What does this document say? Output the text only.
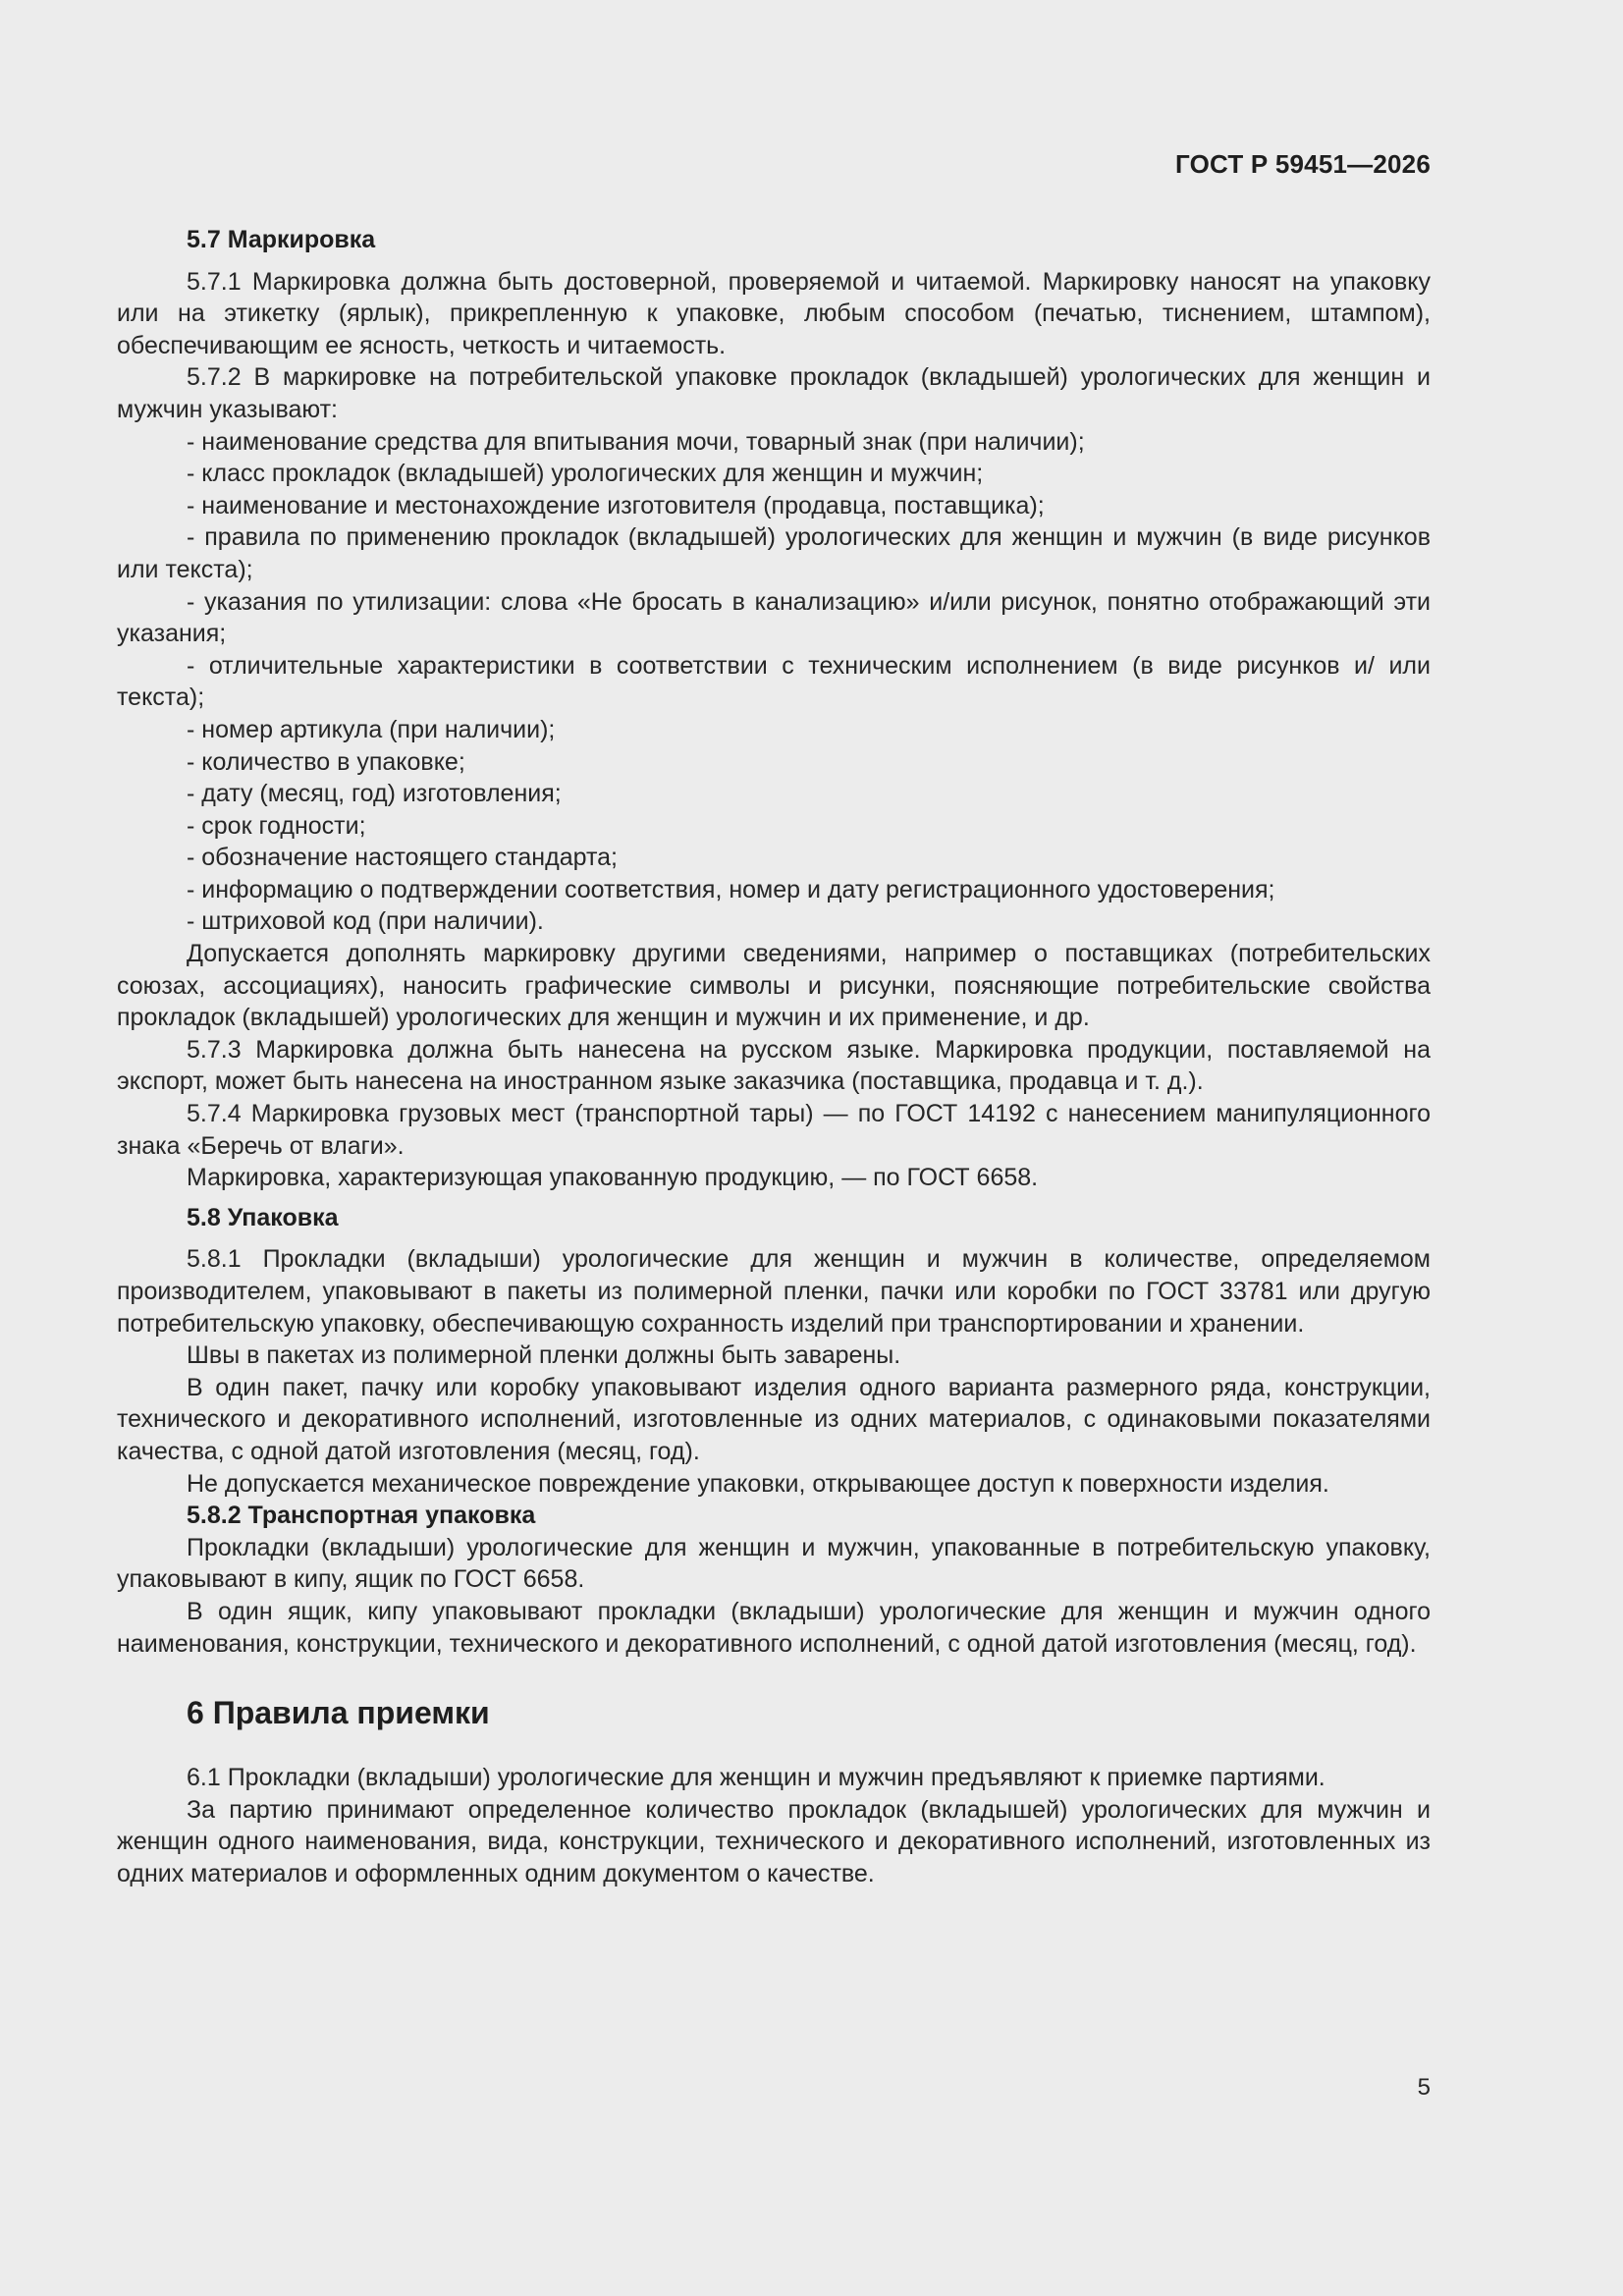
ГОСТ Р 59451—2026

5.7 Маркировка

5.7.1 Маркировка должна быть достоверной, проверяемой и читаемой. Маркировку наносят на упаковку или на этикетку (ярлык), прикрепленную к упаковке, любым способом (печатью, тиснением, штампом), обеспечивающим ее ясность, четкость и читаемость.

5.7.2 В маркировке на потребительской упаковке прокладок (вкладышей) урологических для женщин и мужчин указывают:

- наименование средства для впитывания мочи, товарный знак (при наличии);

- класс прокладок (вкладышей) урологических для женщин и мужчин;

- наименование и местонахождение изготовителя (продавца, поставщика);

- правила по применению прокладок (вкладышей) урологических для женщин и мужчин (в виде рисунков или текста);

- указания по утилизации: слова «Не бросать в канализацию» и/или рисунок, понятно отображающий эти указания;

- отличительные характеристики в соответствии с техническим исполнением (в виде рисунков и/ или текста);

- номер артикула (при наличии);

- количество в упаковке;

- дату (месяц, год) изготовления;

- срок годности;

- обозначение настоящего стандарта;

- информацию о подтверждении соответствия, номер и дату регистрационного удостоверения;

- штриховой код (при наличии).

Допускается дополнять маркировку другими сведениями, например о поставщиках (потребительских союзах, ассоциациях), наносить графические символы и рисунки, поясняющие потребительские свойства прокладок (вкладышей) урологических для женщин и мужчин и их применение, и др.

5.7.3 Маркировка должна быть нанесена на русском языке. Маркировка продукции, поставляемой на экспорт, может быть нанесена на иностранном языке заказчика (поставщика, продавца и т. д.).

5.7.4 Маркировка грузовых мест (транспортной тары) — по ГОСТ 14192 с нанесением манипуляционного знака «Беречь от влаги».

Маркировка, характеризующая упакованную продукцию, — по ГОСТ 6658.

5.8 Упаковка

5.8.1 Прокладки (вкладыши) урологические для женщин и мужчин в количестве, определяемом производителем, упаковывают в пакеты из полимерной пленки, пачки или коробки по ГОСТ 33781 или другую потребительскую упаковку, обеспечивающую сохранность изделий при транспортировании и хранении.

Швы в пакетах из полимерной пленки должны быть заварены.

В один пакет, пачку или коробку упаковывают изделия одного варианта размерного ряда, конструкции, технического и декоративного исполнений, изготовленные из одних материалов, с одинаковыми показателями качества, с одной датой изготовления (месяц, год).

Не допускается механическое повреждение упаковки, открывающее доступ к поверхности изделия.

5.8.2 Транспортная упаковка

Прокладки (вкладыши) урологические для женщин и мужчин, упакованные в потребительскую упаковку, упаковывают в кипу, ящик по ГОСТ 6658.

В один ящик, кипу упаковывают прокладки (вкладыши) урологические для женщин и мужчин одного наименования, конструкции, технического и декоративного исполнений, с одной датой изготовления (месяц, год).

6 Правила приемки

6.1 Прокладки (вкладыши) урологические для женщин и мужчин предъявляют к приемке партиями.

За партию принимают определенное количество прокладок (вкладышей) урологических для мужчин и женщин одного наименования, вида, конструкции, технического и декоративного исполнений, изготовленных из одних материалов и оформленных одним документом о качестве.

5
